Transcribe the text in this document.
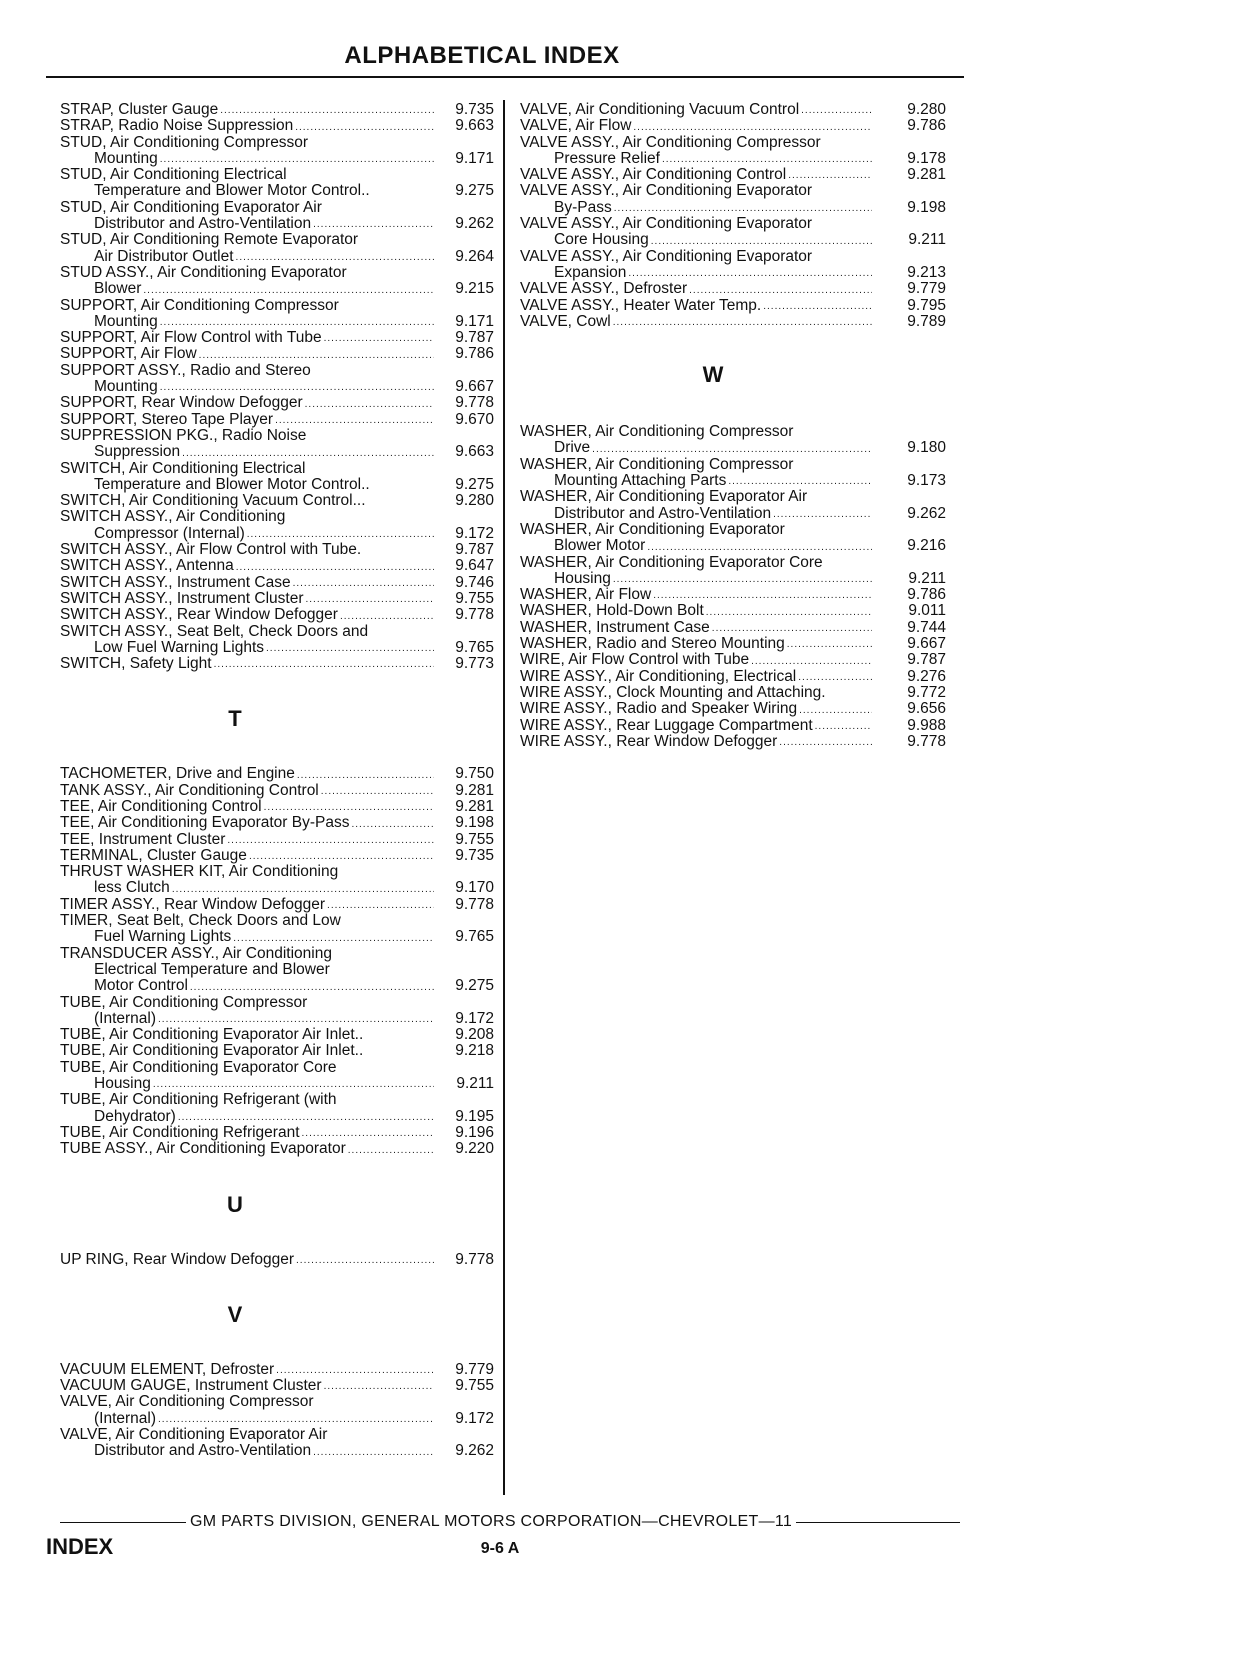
ALPHABETICAL INDEX
STRAP, Cluster Gauge .....	9.735
STRAP, Radio Noise Suppression .....	9.663
STUD, Air Conditioning Compressor
Mounting .....	9.171
STUD, Air Conditioning Electrical
Temperature and Blower Motor Control..	9.275
STUD, Air Conditioning Evaporator Air
Distributor and Astro-Ventilation .....	9.262
STUD, Air Conditioning Remote Evaporator
Air Distributor Outlet .....	9.264
STUD ASSY., Air Conditioning Evaporator
Blower .....	9.215
SUPPORT, Air Conditioning Compressor
Mounting .....	9.171
SUPPORT, Air Flow Control with Tube .....	9.787
SUPPORT, Air Flow .....	9.786
SUPPORT ASSY., Radio and Stereo
Mounting .....	9.667
SUPPORT, Rear Window Defogger .....	9.778
SUPPORT, Stereo Tape Player .....	9.670
SUPPRESSION PKG., Radio Noise
Suppression .....	9.663
SWITCH, Air Conditioning Electrical
Temperature and Blower Motor Control..	9.275
SWITCH, Air Conditioning Vacuum Control...	9.280
SWITCH ASSY., Air Conditioning
Compressor (Internal) .....	9.172
SWITCH ASSY., Air Flow Control with Tube.	9.787
SWITCH ASSY., Antenna .....	9.647
SWITCH ASSY., Instrument Case .....	9.746
SWITCH ASSY., Instrument Cluster .....	9.755
SWITCH ASSY., Rear Window Defogger .....	9.778
SWITCH ASSY., Seat Belt, Check Doors and
Low Fuel Warning Lights .....	9.765
SWITCH, Safety Light .....	9.773
T
TACHOMETER, Drive and Engine .....	9.750
TANK ASSY., Air Conditioning Control .....	9.281
TEE, Air Conditioning Control .....	9.281
TEE, Air Conditioning Evaporator By-Pass .....	9.198
TEE, Instrument Cluster .....	9.755
TERMINAL, Cluster Gauge .....	9.735
THRUST WASHER KIT, Air Conditioning
less Clutch .....	9.170
TIMER ASSY., Rear Window Defogger .....	9.778
TIMER, Seat Belt, Check Doors and Low
Fuel Warning Lights .....	9.765
TRANSDUCER ASSY., Air Conditioning
Electrical Temperature and Blower
Motor Control .....	9.275
TUBE, Air Conditioning Compressor
(Internal) .....	9.172
TUBE, Air Conditioning Evaporator Air Inlet..	9.208
TUBE, Air Conditioning Evaporator Air Inlet..	9.218
TUBE, Air Conditioning Evaporator Core
Housing .....	9.211
TUBE, Air Conditioning Refrigerant (with
Dehydrator) .....	9.195
TUBE, Air Conditioning Refrigerant .....	9.196
TUBE ASSY., Air Conditioning Evaporator .....	9.220
U
UP RING, Rear Window Defogger .....	9.778
V
VACUUM ELEMENT, Defroster .....	9.779
VACUUM GAUGE, Instrument Cluster .....	9.755
VALVE, Air Conditioning Compressor
(Internal) .....	9.172
VALVE, Air Conditioning Evaporator Air
Distributor and Astro-Ventilation .....	9.262
VALVE, Air Conditioning Vacuum Control .....	9.280
VALVE, Air Flow .....	9.786
VALVE ASSY., Air Conditioning Compressor
Pressure Relief .....	9.178
VALVE ASSY., Air Conditioning Control .....	9.281
VALVE ASSY., Air Conditioning Evaporator
By-Pass .....	9.198
VALVE ASSY., Air Conditioning Evaporator
Core Housing .....	9.211
VALVE ASSY., Air Conditioning Evaporator
Expansion .....	9.213
VALVE ASSY., Defroster .....	9.779
VALVE ASSY., Heater Water Temp. .....	9.795
VALVE, Cowl .....	9.789
W
WASHER, Air Conditioning Compressor
Drive .....	9.180
WASHER, Air Conditioning Compressor
Mounting Attaching Parts .....	9.173
WASHER, Air Conditioning Evaporator Air
Distributor and Astro-Ventilation .....	9.262
WASHER, Air Conditioning Evaporator
Blower Motor .....	9.216
WASHER, Air Conditioning Evaporator Core
Housing .....	9.211
WASHER, Air Flow .....	9.786
WASHER, Hold-Down Bolt .....	9.011
WASHER, Instrument Case .....	9.744
WASHER, Radio and Stereo Mounting .....	9.667
WIRE, Air Flow Control with Tube .....	9.787
WIRE ASSY., Air Conditioning, Electrical .....	9.276
WIRE ASSY., Clock Mounting and Attaching.	9.772
WIRE ASSY., Radio and Speaker Wiring .....	9.656
WIRE ASSY., Rear Luggage Compartment .....	9.988
WIRE ASSY., Rear Window Defogger .....	9.778
GM PARTS DIVISION, GENERAL MOTORS CORPORATION—CHEVROLET—11
INDEX	9-6 A
